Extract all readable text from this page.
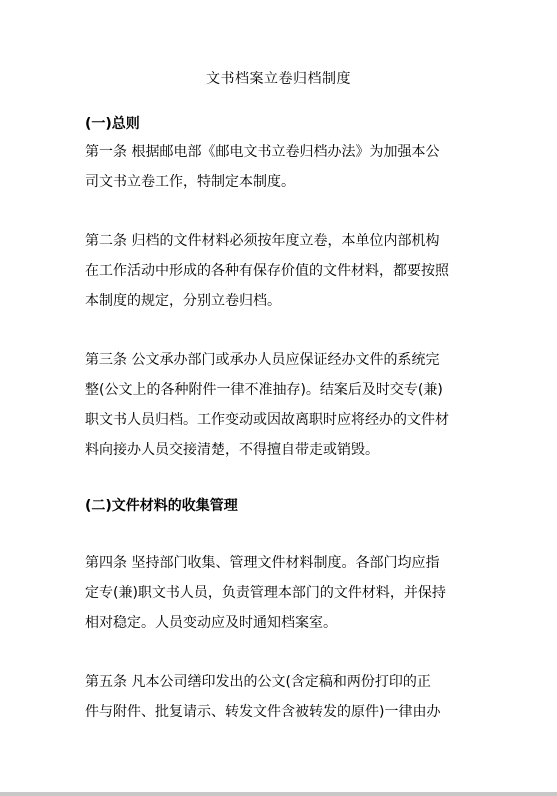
文书档案立卷归档制度
(一)总则
第一条 根据邮电部《邮电文书立卷归档办法》为加强本公
司文书立卷工作，特制定本制度。
第二条 归档的文件材料必须按年度立卷，本单位内部机构
在工作活动中形成的各种有保存价值的文件材料，都要按照
本制度的规定，分别立卷归档。
第三条 公文承办部门或承办人员应保证经办文件的系统完
整(公文上的各种附件一律不准抽存)。结案后及时交专(兼)
职文书人员归档。工作变动或因故离职时应将经办的文件材
料向接办人员交接清楚，不得擅自带走或销毁。
(二)文件材料的收集管理
第四条 坚持部门收集、管理文件材料制度。各部门均应指
定专(兼)职文书人员，负责管理本部门的文件材料，并保持
相对稳定。人员变动应及时通知档案室。
第五条 凡本公司缮印发出的公文(含定稿和两份打印的正
件与附件、批复请示、转发文件含被转发的原件)一律由办
